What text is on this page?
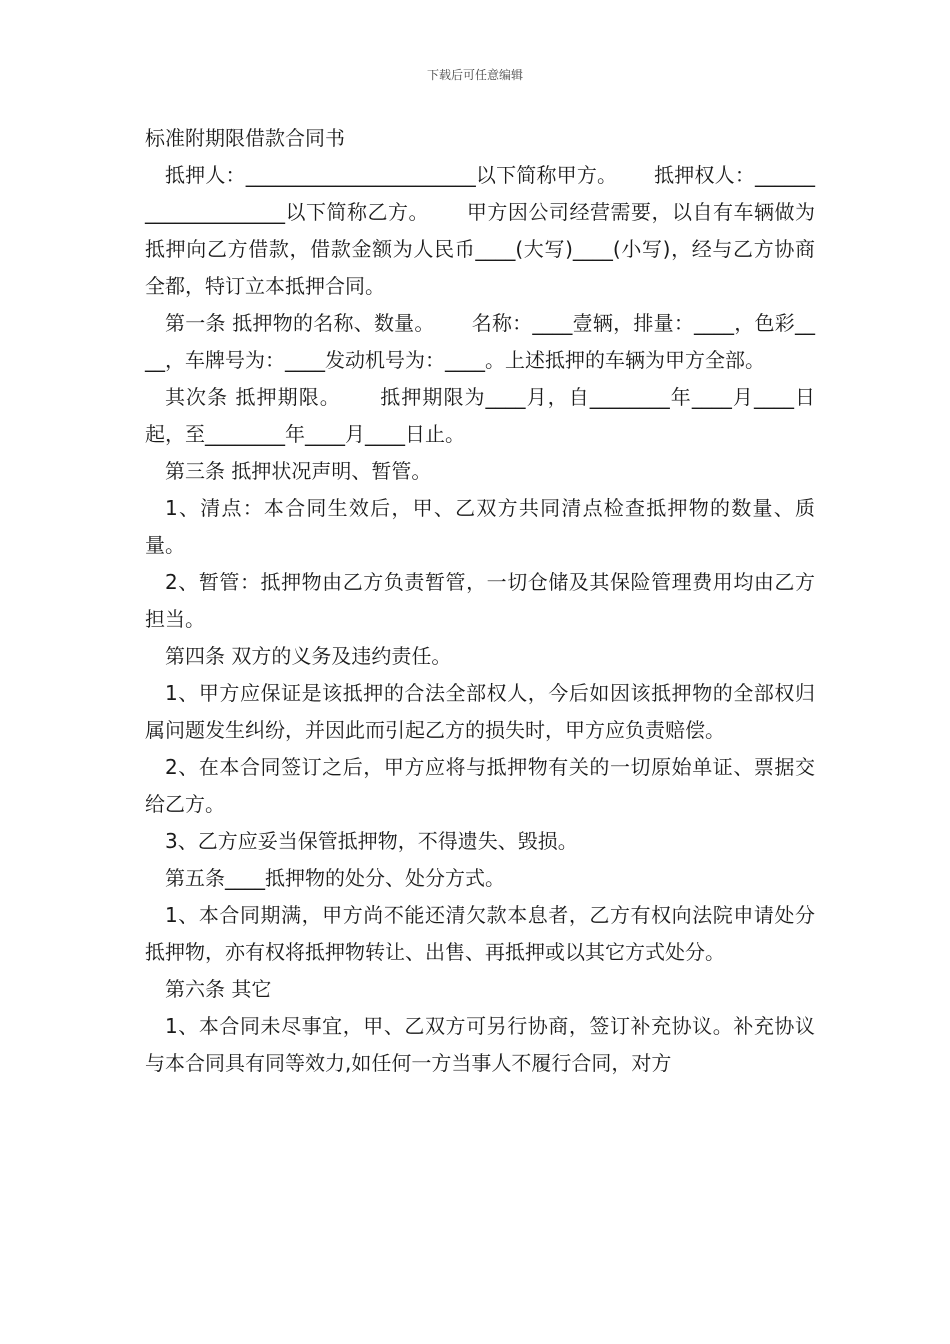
下载后可任意编辑

标准附期限借款合同书

抵押人：_______________________以下简称甲方。　　 抵押权人：____________________以下简称乙方。　　 甲方因公司经营需要，以自有车辆做为抵押向乙方借款，借款金额为人民币____(大写)____(小写)，经与乙方协商全都，特订立本抵押合同。

第一条 抵押物的名称、数量。　　 名称：____壹辆，排量：____，色彩____，车牌号为：____发动机号为：____。上述抵押的车辆为甲方全部。

其次条 抵押期限。　　 抵押期限为____月，自________年____月____日起，至________年____月____日止。

第三条 抵押状况声明、暂管。

1、清点：本合同生效后，甲、乙双方共同清点检查抵押物的数量、质量。

2、暂管：抵押物由乙方负责暂管，一切仓储及其保险管理费用均由乙方担当。

第四条 双方的义务及违约责任。

1、甲方应保证是该抵押的合法全部权人，今后如因该抵押物的全部权归属问题发生纠纷，并因此而引起乙方的损失时，甲方应负责赔偿。

2、在本合同签订之后，甲方应将与抵押物有关的一切原始单证、票据交给乙方。

3、乙方应妥当保管抵押物，不得遗失、毁损。

第五条____抵押物的处分、处分方式。

1、本合同期满，甲方尚不能还清欠款本息者，乙方有权向法院申请处分抵押物，亦有权将抵押物转让、出售、再抵押或以其它方式处分。

第六条 其它

1、本合同未尽事宜，甲、乙双方可另行协商，签订补充协议。补充协议与本合同具有同等效力,如任何一方当事人不履行合同，对方
